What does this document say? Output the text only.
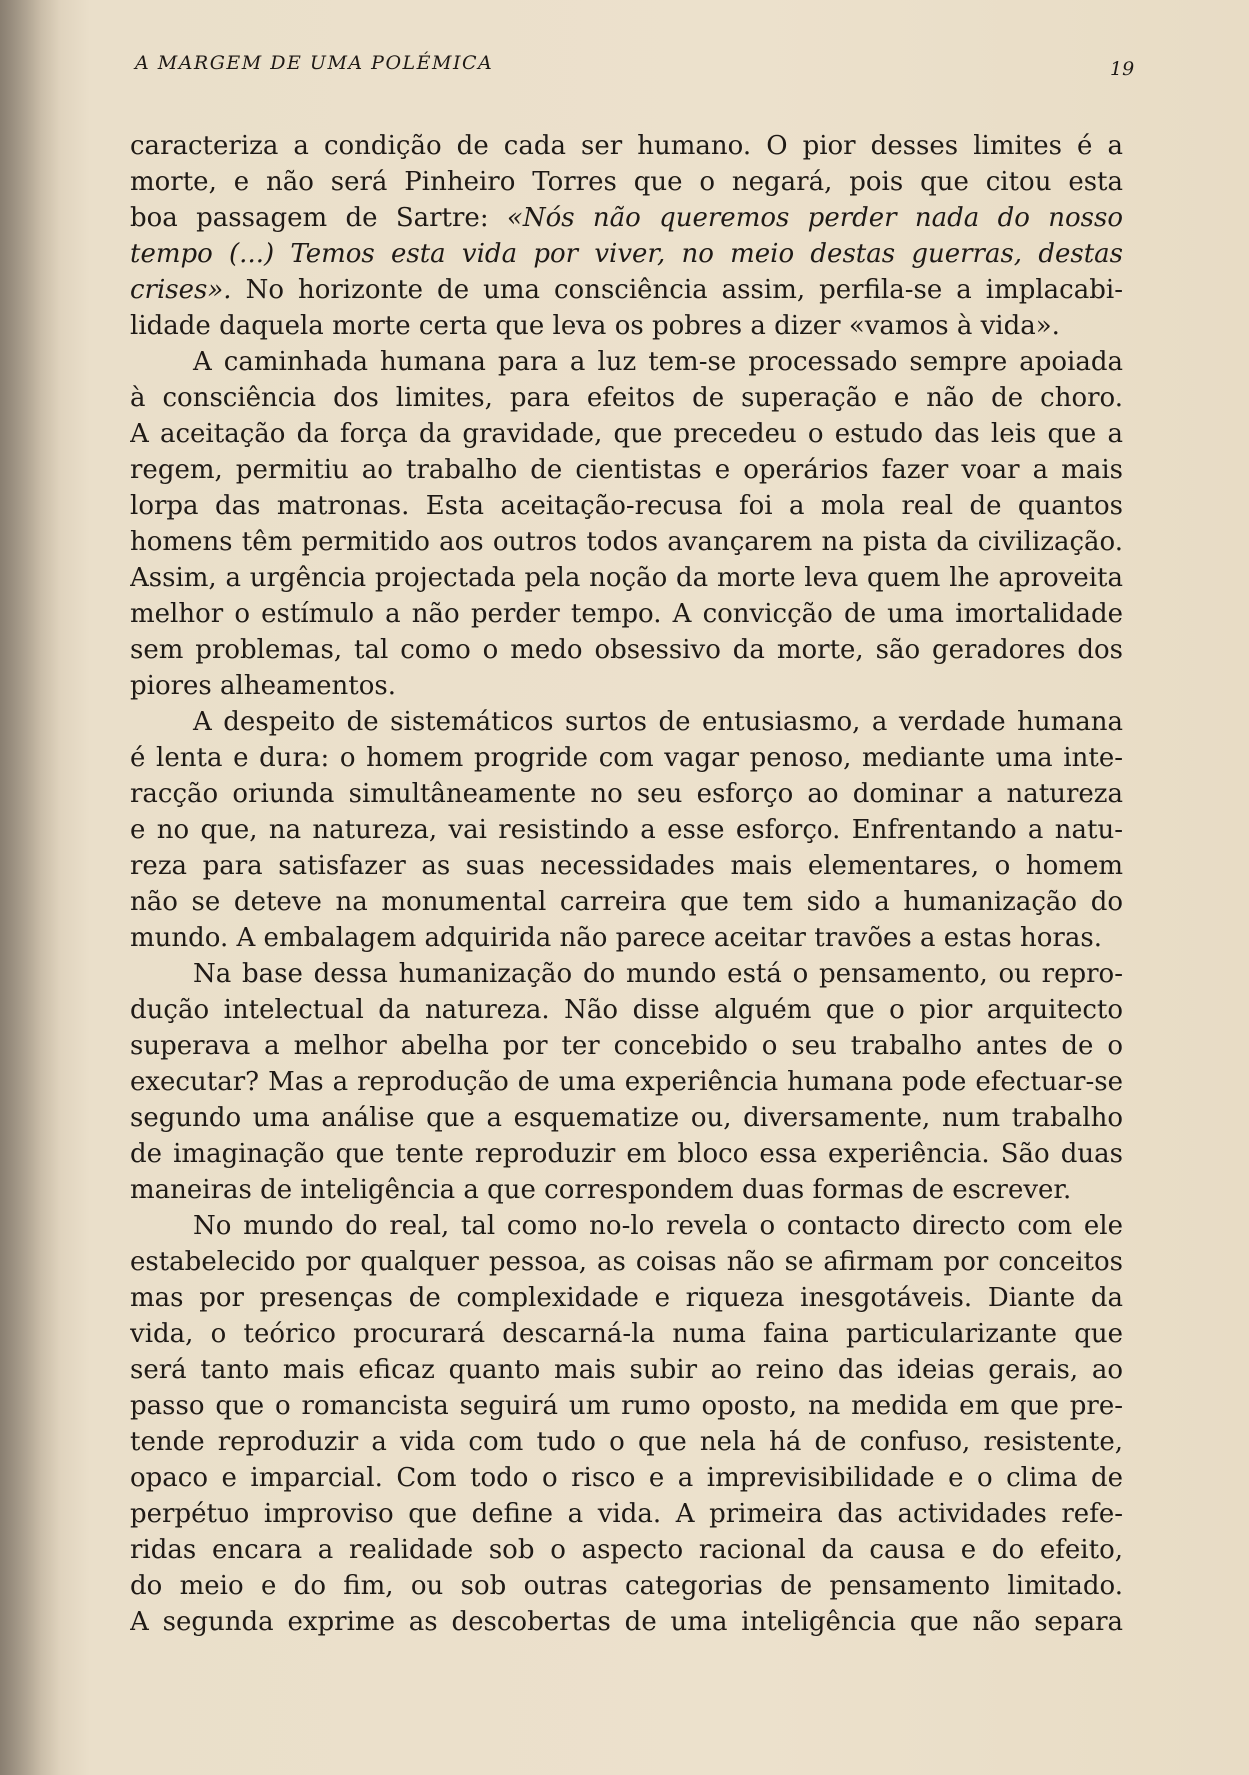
A MARGEM DE UMA POLÉMICA	19
caracteriza a condição de cada ser humano. O pior desses limites é a
morte, e não será Pinheiro Torres que o negará, pois que citou esta
boa passagem de Sartre: «Nós não queremos perder nada do nosso
tempo (...) Temos esta vida por viver, no meio destas guerras, destas
crises». No horizonte de uma consciência assim, perfila-se a implacabi-
lidade daquela morte certa que leva os pobres a dizer «vamos à vida».
A caminhada humana para a luz tem-se processado sempre apoiada
à consciência dos limites, para efeitos de superação e não de choro.
A aceitação da força da gravidade, que precedeu o estudo das leis que a
regem, permitiu ao trabalho de cientistas e operários fazer voar a mais
lorpa das matronas. Esta aceitação-recusa foi a mola real de quantos
homens têm permitido aos outros todos avançarem na pista da civilização.
Assim, a urgência projectada pela noção da morte leva quem lhe aproveita
melhor o estímulo a não perder tempo. A convicção de uma imortalidade
sem problemas, tal como o medo obsessivo da morte, são geradores dos
piores alheamentos.
A despeito de sistemáticos surtos de entusiasmo, a verdade humana
é lenta e dura: o homem progride com vagar penoso, mediante uma inte-
racção oriunda simultâneamente no seu esforço ao dominar a natureza
e no que, na natureza, vai resistindo a esse esforço. Enfrentando a natu-
reza para satisfazer as suas necessidades mais elementares, o homem
não se deteve na monumental carreira que tem sido a humanização do
mundo. A embalagem adquirida não parece aceitar travões a estas horas.
Na base dessa humanização do mundo está o pensamento, ou repro-
dução intelectual da natureza. Não disse alguém que o pior arquitecto
superava a melhor abelha por ter concebido o seu trabalho antes de o
executar? Mas a reprodução de uma experiência humana pode efectuar-se
segundo uma análise que a esquematize ou, diversamente, num trabalho
de imaginação que tente reproduzir em bloco essa experiência. São duas
maneiras de inteligência a que correspondem duas formas de escrever.
No mundo do real, tal como no-lo revela o contacto directo com ele
estabelecido por qualquer pessoa, as coisas não se afirmam por conceitos
mas por presenças de complexidade e riqueza inesgotáveis. Diante da
vida, o teórico procurará descarná-la numa faina particularizante que
será tanto mais eficaz quanto mais subir ao reino das ideias gerais, ao
passo que o romancista seguirá um rumo oposto, na medida em que pre-
tende reproduzir a vida com tudo o que nela há de confuso, resistente,
opaco e imparcial. Com todo o risco e a imprevisibilidade e o clima de
perpétuo improviso que define a vida. A primeira das actividades refe-
ridas encara a realidade sob o aspecto racional da causa e do efeito,
do meio e do fim, ou sob outras categorias de pensamento limitado.
A segunda exprime as descobertas de uma inteligência que não separa
